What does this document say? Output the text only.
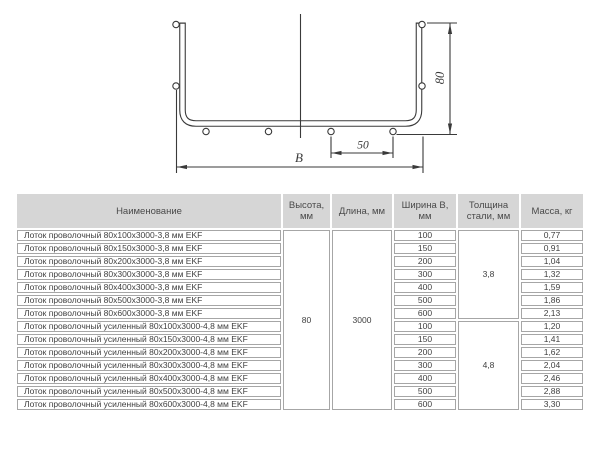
80
50
B
Наименование	Высота, мм	Длина, мм	Ширина В, мм	Толщина стали, мм	Масса, кг
Лоток проволочный 80x100x3000-3,8 мм EKF	80	3000	100	3,8	0,77
Лоток проволочный 80x150x3000-3,8 мм EKF			150		0,91
Лоток проволочный 80x200x3000-3,8 мм EKF			200		1,04
Лоток проволочный 80x300x3000-3,8 мм EKF			300		1,32
Лоток проволочный 80x400x3000-3,8 мм EKF			400		1,59
Лоток проволочный 80x500x3000-3,8 мм EKF			500		1,86
Лоток проволочный 80x600x3000-3,8 мм EKF			600		2,13
Лоток проволочный усиленный 80x100x3000-4,8 мм EKF			100	4,8	1,20
Лоток проволочный усиленный 80x150x3000-4,8 мм EKF			150		1,41
Лоток проволочный усиленный 80x200x3000-4,8 мм EKF			200		1,62
Лоток проволочный усиленный 80x300x3000-4,8 мм EKF			300		2,04
Лоток проволочный усиленный 80x400x3000-4,8 мм EKF			400		2,46
Лоток проволочный усиленный 80x500x3000-4,8 мм EKF			500		2,88
Лоток проволочный усиленный 80x600x3000-4,8 мм EKF			600		3,30
